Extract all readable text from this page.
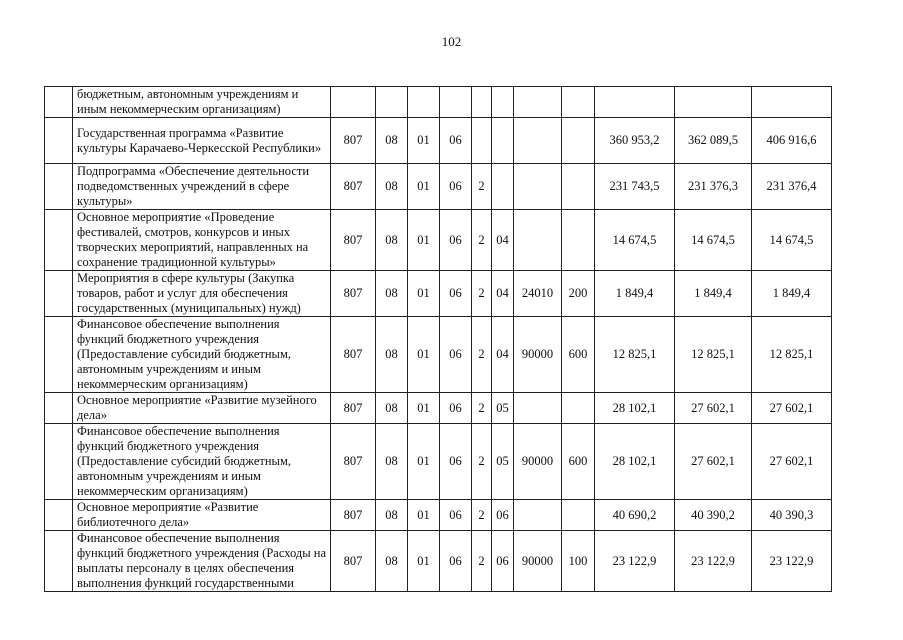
102
	бюджетным, автономным учреждениям и иным некоммерческим организациям)											
	Государственная программа «Развитие культуры Карачаево-Черкесской Республики»	807	08	01	06					360 953,2	362 089,5	406 916,6
	Подпрограмма «Обеспечение деятельности подведомственных учреждений в сфере культуры»	807	08	01	06	2				231 743,5	231 376,3	231 376,4
	Основное мероприятие «Проведение фестивалей, смотров, конкурсов и иных творческих мероприятий, направленных на сохранение традиционной культуры»	807	08	01	06	2	04			14 674,5	14 674,5	14 674,5
	Мероприятия в сфере культуры (Закупка товаров, работ и услуг для обеспечения государственных (муниципальных) нужд)	807	08	01	06	2	04	24010	200	1 849,4	1 849,4	1 849,4
	Финансовое обеспечение выполнения функций бюджетного учреждения (Предоставление субсидий бюджетным, автономным учреждениям и иным некоммерческим организациям)	807	08	01	06	2	04	90000	600	12 825,1	12 825,1	12 825,1
	Основное мероприятие «Развитие музейного дела»	807	08	01	06	2	05			28 102,1	27 602,1	27 602,1
	Финансовое обеспечение выполнения функций бюджетного учреждения (Предоставление субсидий бюджетным, автономным учреждениям и иным некоммерческим организациям)	807	08	01	06	2	05	90000	600	28 102,1	27 602,1	27 602,1
	Основное мероприятие «Развитие библиотечного дела»	807	08	01	06	2	06			40 690,2	40 390,2	40 390,3

	Финансовое обеспечение выполнения функций бюджетного учреждения (Расходы на выплаты персоналу в целях обеспечения выполнения функций государственными	807	08	01	06	2	06	90000	100	23 122,9	23 122,9	23 122,9
